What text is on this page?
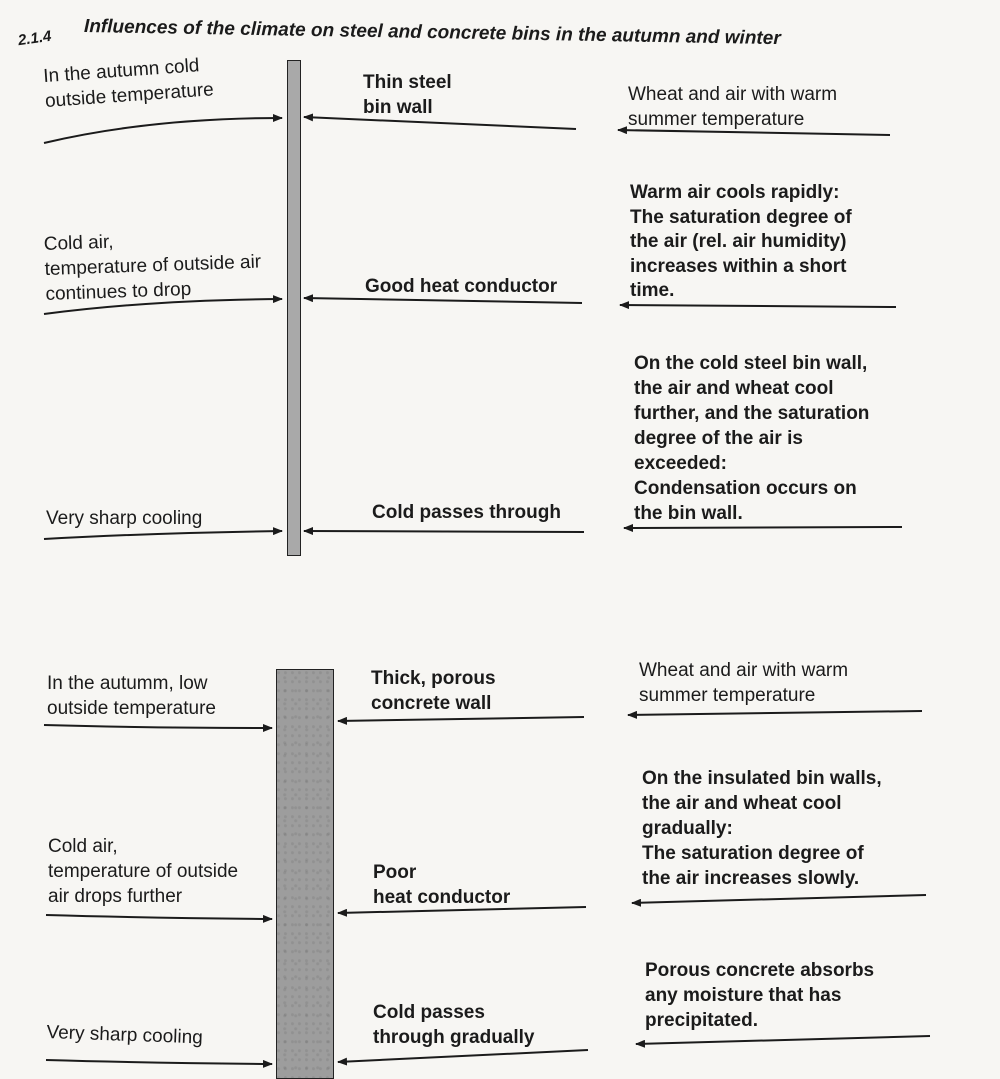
2.1.4 Influences of the climate on steel and concrete bins in the autumn and winter
In the autumn cold
outside temperature	Thin steel
bin wall
Wheat and air with warm
summer temperature
Cold air,
temperature of outside air
continues to drop	Good heat conductor
Warm air cools rapidly:
The saturation degree of
the air (rel. air humidity)
increases within a short
time.
Very sharp cooling	Cold passes through
On the cold steel bin wall,
the air and wheat cool
further, and the saturation
degree of the air is
exceeded:
Condensation occurs on
the bin wall.
In the autumm, low
outside temperature
Thick, porous
concrete wall
Wheat and air with warm
summer temperature
Cold air,
temperature of outside
air drops further
Poor
heat conductor
On the insulated bin walls,
the air and wheat cool
gradually:
The saturation degree of
the air increases slowly.
Very sharp cooling
Cold passes
through gradually
Porous concrete absorbs
any moisture that has
precipitated.
